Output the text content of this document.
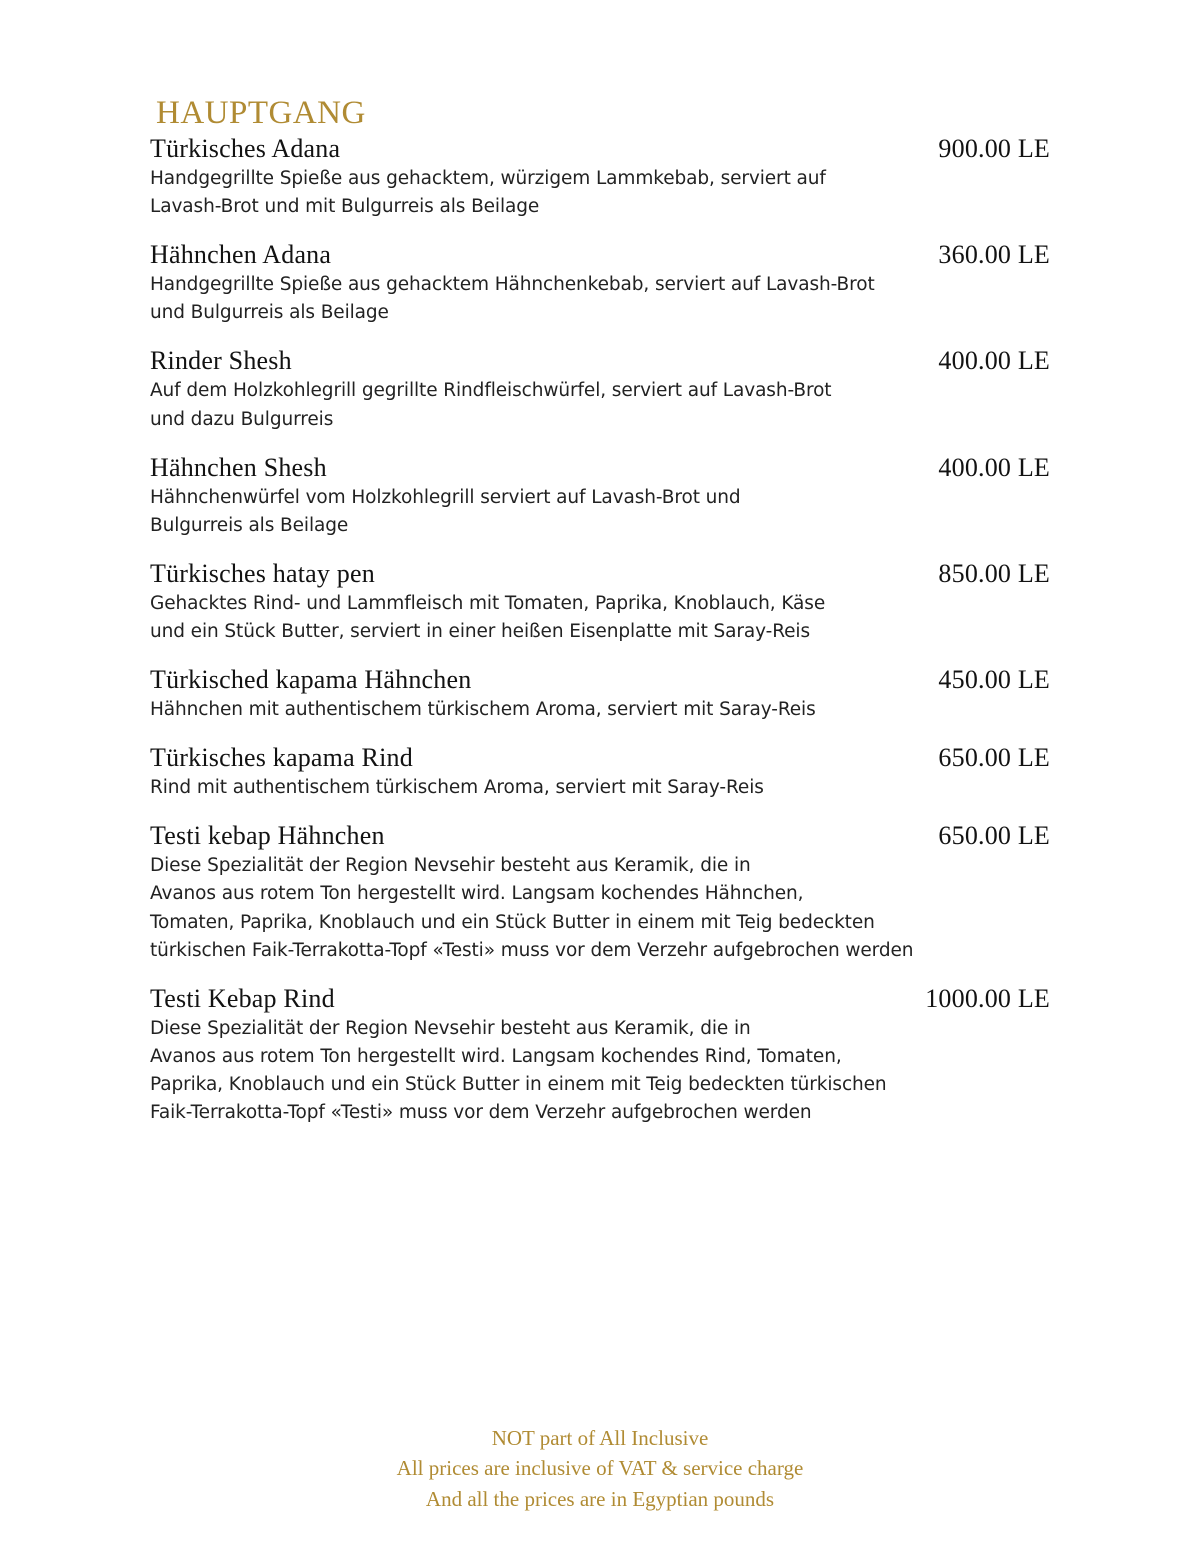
HAUPTGANG
Türkisches Adana	900.00 LE
Handgegrillte Spieße aus gehacktem, würzigem Lammkebab, serviert auf
Lavash-Brot und mit Bulgurreis als Beilage
Hähnchen Adana	360.00 LE
Handgegrillte Spieße aus gehacktem Hähnchenkebab, serviert auf Lavash-Brot
und Bulgurreis als Beilage
Rinder Shesh	400.00 LE
Auf dem Holzkohlegrill gegrillte Rindfleischwürfel, serviert auf Lavash-Brot
und dazu Bulgurreis
Hähnchen Shesh	400.00 LE
Hähnchenwürfel vom Holzkohlegrill serviert auf Lavash-Brot und
Bulgurreis als Beilage
Türkisches hatay pen	850.00 LE
Gehacktes Rind- und Lammfleisch mit Tomaten, Paprika, Knoblauch, Käse
und ein Stück Butter, serviert in einer heißen Eisenplatte mit Saray-Reis
Türkisched kapama Hähnchen	450.00 LE
Hähnchen mit authentischem türkischem Aroma, serviert mit Saray-Reis
Türkisches kapama Rind	650.00 LE
Rind mit authentischem türkischem Aroma, serviert mit Saray-Reis
Testi kebap Hähnchen	650.00 LE
Diese Spezialität der Region Nevsehir besteht aus Keramik, die in
Avanos aus rotem Ton hergestellt wird. Langsam kochendes Hähnchen,
Tomaten, Paprika, Knoblauch und ein Stück Butter in einem mit Teig bedeckten
türkischen Faik-Terrakotta-Topf «Testi» muss vor dem Verzehr aufgebrochen werden
Testi Kebap Rind	1000.00 LE
Diese Spezialität der Region Nevsehir besteht aus Keramik, die in
Avanos aus rotem Ton hergestellt wird. Langsam kochendes Rind, Tomaten,
Paprika, Knoblauch und ein Stück Butter in einem mit Teig bedeckten türkischen
Faik-Terrakotta-Topf «Testi» muss vor dem Verzehr aufgebrochen werden
NOT part of All Inclusive
All prices are inclusive of VAT & service charge
And all the prices are in Egyptian pounds
